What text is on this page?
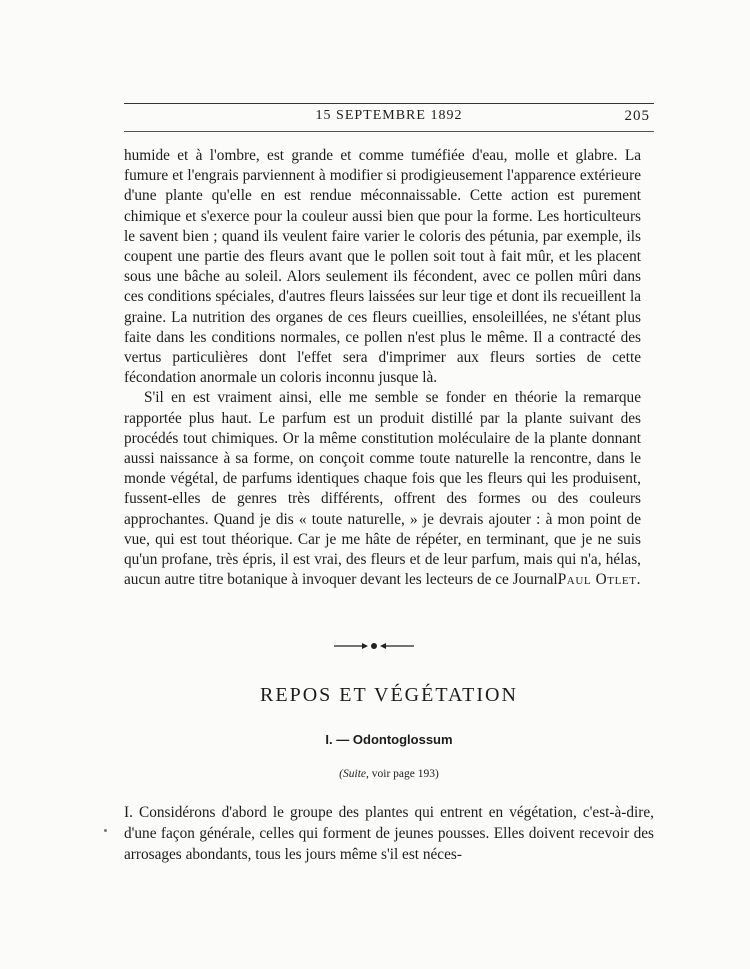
15 SEPTEMBRE 1892	205

humide et à l'ombre, est grande et comme tuméfiée d'eau, molle et glabre. La fumure et l'engrais parviennent à modifier si prodigieusement l'apparence extérieure d'une plante qu'elle en est rendue méconnaissable. Cette action est purement chimique et s'exerce pour la couleur aussi bien que pour la forme. Les horticulteurs le savent bien ; quand ils veulent faire varier le coloris des pétunia, par exemple, ils coupent une partie des fleurs avant que le pollen soit tout à fait mûr, et les placent sous une bâche au soleil. Alors seulement ils fécondent, avec ce pollen mûri dans ces conditions spéciales, d'autres fleurs laissées sur leur tige et dont ils recueillent la graine. La nutrition des organes de ces fleurs cueillies, ensoleillées, ne s'étant plus faite dans les conditions normales, ce pollen n'est plus le même. Il a contracté des vertus particulières dont l'effet sera d'imprimer aux fleurs sorties de cette fécondation anormale un coloris inconnu jusque là.

S'il en est vraiment ainsi, elle me semble se fonder en théorie la remarque rapportée plus haut. Le parfum est un produit distillé par la plante suivant des procédés tout chimiques. Or la même constitution moléculaire de la plante donnant aussi naissance à sa forme, on conçoit comme toute naturelle la rencontre, dans le monde végétal, de parfums identiques chaque fois que les fleurs qui les produisent, fussent-elles de genres très différents, offrent des formes ou des couleurs approchantes. Quand je dis « toute naturelle, » je devrais ajouter : à mon point de vue, qui est tout théorique. Car je me hâte de répéter, en terminant, que je ne suis qu'un profane, très épris, il est vrai, des fleurs et de leur parfum, mais qui n'a, hélas, aucun autre titre botanique à invoquer devant les lecteurs de ce Journal.
Paul Otlet.

REPOS ET VÉGÉTATION
I. — Odontoglossum
(Suite, voir page 193)

I. Considérons d'abord le groupe des plantes qui entrent en végétation, c'est-à-dire, d'une façon générale, celles qui forment de jeunes pousses. Elles doivent recevoir des arrosages abondants, tous les jours même s'il est néces-
